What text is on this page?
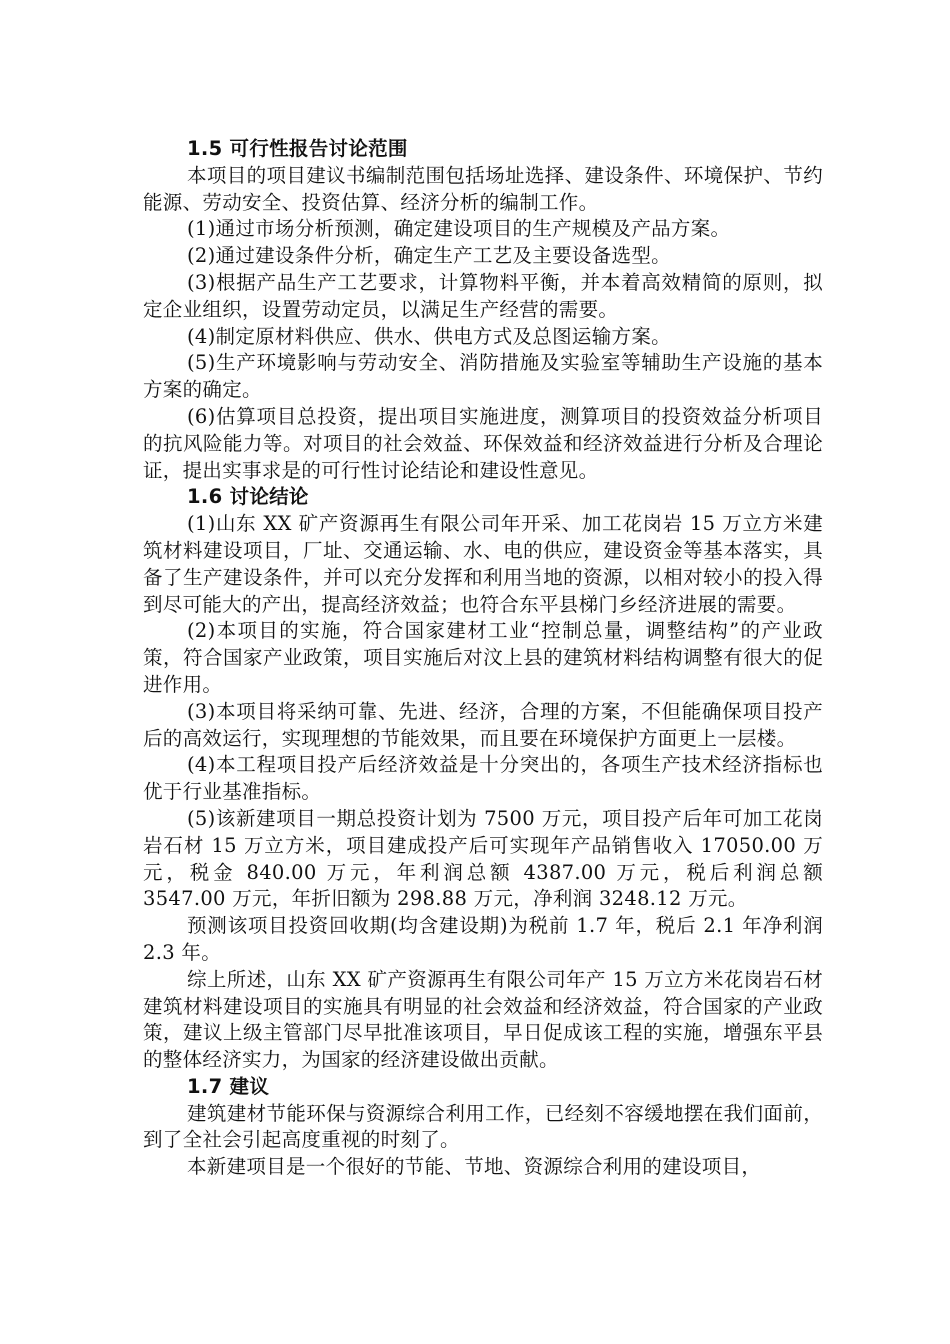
1.5 可行性报告讨论范围

本项目的项目建议书编制范围包括场址选择、建设条件、环境保护、节约能源、劳动安全、投资估算、经济分析的编制工作。

(1)通过市场分析预测，确定建设项目的生产规模及产品方案。

(2)通过建设条件分析，确定生产工艺及主要设备选型。

(3)根据产品生产工艺要求，计算物料平衡，并本着高效精简的原则，拟定企业组织，设置劳动定员，以满足生产经营的需要。

(4)制定原材料供应、供水、供电方式及总图运输方案。

(5)生产环境影响与劳动安全、消防措施及实验室等辅助生产设施的基本方案的确定。

(6)估算项目总投资，提出项目实施进度，测算项目的投资效益分析项目的抗风险能力等。对项目的社会效益、环保效益和经济效益进行分析及合理论证，提出实事求是的可行性讨论结论和建设性意见。

1.6 讨论结论

(1)山东 XX 矿产资源再生有限公司年开采、加工花岗岩 15 万立方米建筑材料建设项目，厂址、交通运输、水、电的供应，建设资金等基本落实，具备了生产建设条件，并可以充分发挥和利用当地的资源，以相对较小的投入得到尽可能大的产出，提高经济效益；也符合东平县梯门乡经济进展的需要。

(2)本项目的实施，符合国家建材工业“控制总量，调整结构”的产业政策，符合国家产业政策，项目实施后对汶上县的建筑材料结构调整有很大的促进作用。

(3)本项目将采纳可靠、先进、经济，合理的方案，不但能确保项目投产后的高效运行，实现理想的节能效果，而且要在环境保护方面更上一层楼。

(4)本工程项目投产后经济效益是十分突出的，各项生产技术经济指标也优于行业基准指标。

(5)该新建项目一期总投资计划为 7500 万元，项目投产后年可加工花岗岩石材 15 万立方米，项目建成投产后可实现年产品销售收入 17050.00 万元，税金 840.00 万元，年利润总额 4387.00 万元，税后利润总额 3547.00 万元，年折旧额为 298.88 万元，净利润 3248.12 万元。

预测该项目投资回收期(均含建设期)为税前 1.7 年，税后 2.1 年净利润 2.3 年。

综上所述，山东 XX 矿产资源再生有限公司年产 15 万立方米花岗岩石材建筑材料建设项目的实施具有明显的社会效益和经济效益，符合国家的产业政策，建议上级主管部门尽早批准该项目，早日促成该工程的实施，增强东平县的整体经济实力，为国家的经济建设做出贡献。

1.7 建议

建筑建材节能环保与资源综合利用工作，已经刻不容缓地摆在我们面前，到了全社会引起高度重视的时刻了。

本新建项目是一个很好的节能、节地、资源综合利用的建设项目，
